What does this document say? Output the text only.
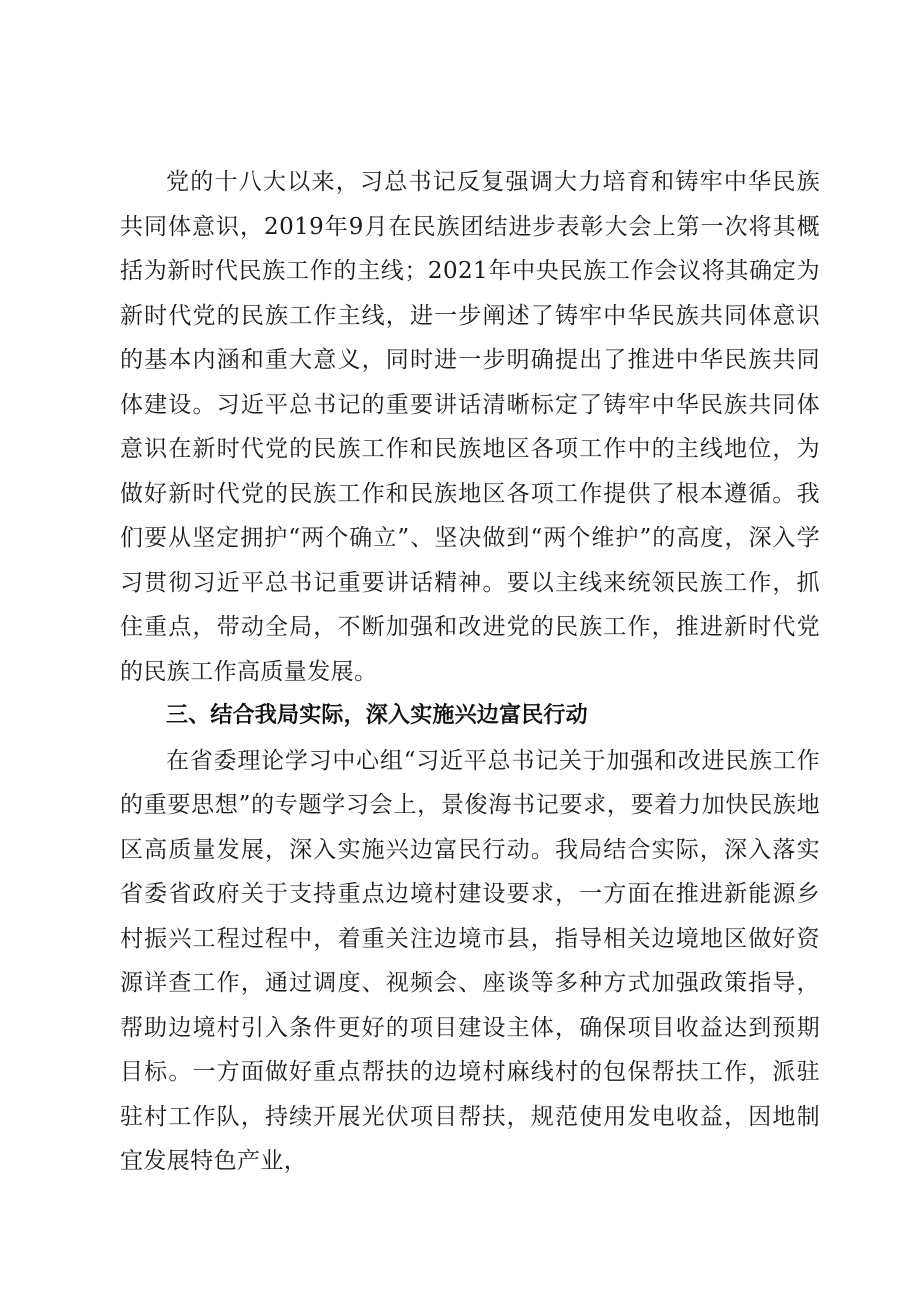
党的十八大以来，习总书记反复强调大力培育和铸牢中华民族共同体意识，2019年9月在民族团结进步表彰大会上第一次将其概括为新时代民族工作的主线；2021年中央民族工作会议将其确定为新时代党的民族工作主线，进一步阐述了铸牢中华民族共同体意识的基本内涵和重大意义，同时进一步明确提出了推进中华民族共同体建设。习近平总书记的重要讲话清晰标定了铸牢中华民族共同体意识在新时代党的民族工作和民族地区各项工作中的主线地位，为做好新时代党的民族工作和民族地区各项工作提供了根本遵循。我们要从坚定拥护“两个确立”、坚决做到“两个维护”的高度，深入学习贯彻习近平总书记重要讲话精神。要以主线来统领民族工作，抓住重点，带动全局，不断加强和改进党的民族工作，推进新时代党的民族工作高质量发展。

三、结合我局实际，深入实施兴边富民行动

在省委理论学习中心组“习近平总书记关于加强和改进民族工作的重要思想”的专题学习会上，景俊海书记要求，要着力加快民族地区高质量发展，深入实施兴边富民行动。我局结合实际，深入落实省委省政府关于支持重点边境村建设要求，一方面在推进新能源乡村振兴工程过程中，着重关注边境市县，指导相关边境地区做好资源详查工作，通过调度、视频会、座谈等多种方式加强政策指导，帮助边境村引入条件更好的项目建设主体，确保项目收益达到预期目标。一方面做好重点帮扶的边境村麻线村的包保帮扶工作，派驻驻村工作队，持续开展光伏项目帮扶，规范使用发电收益，因地制宜发展特色产业，
